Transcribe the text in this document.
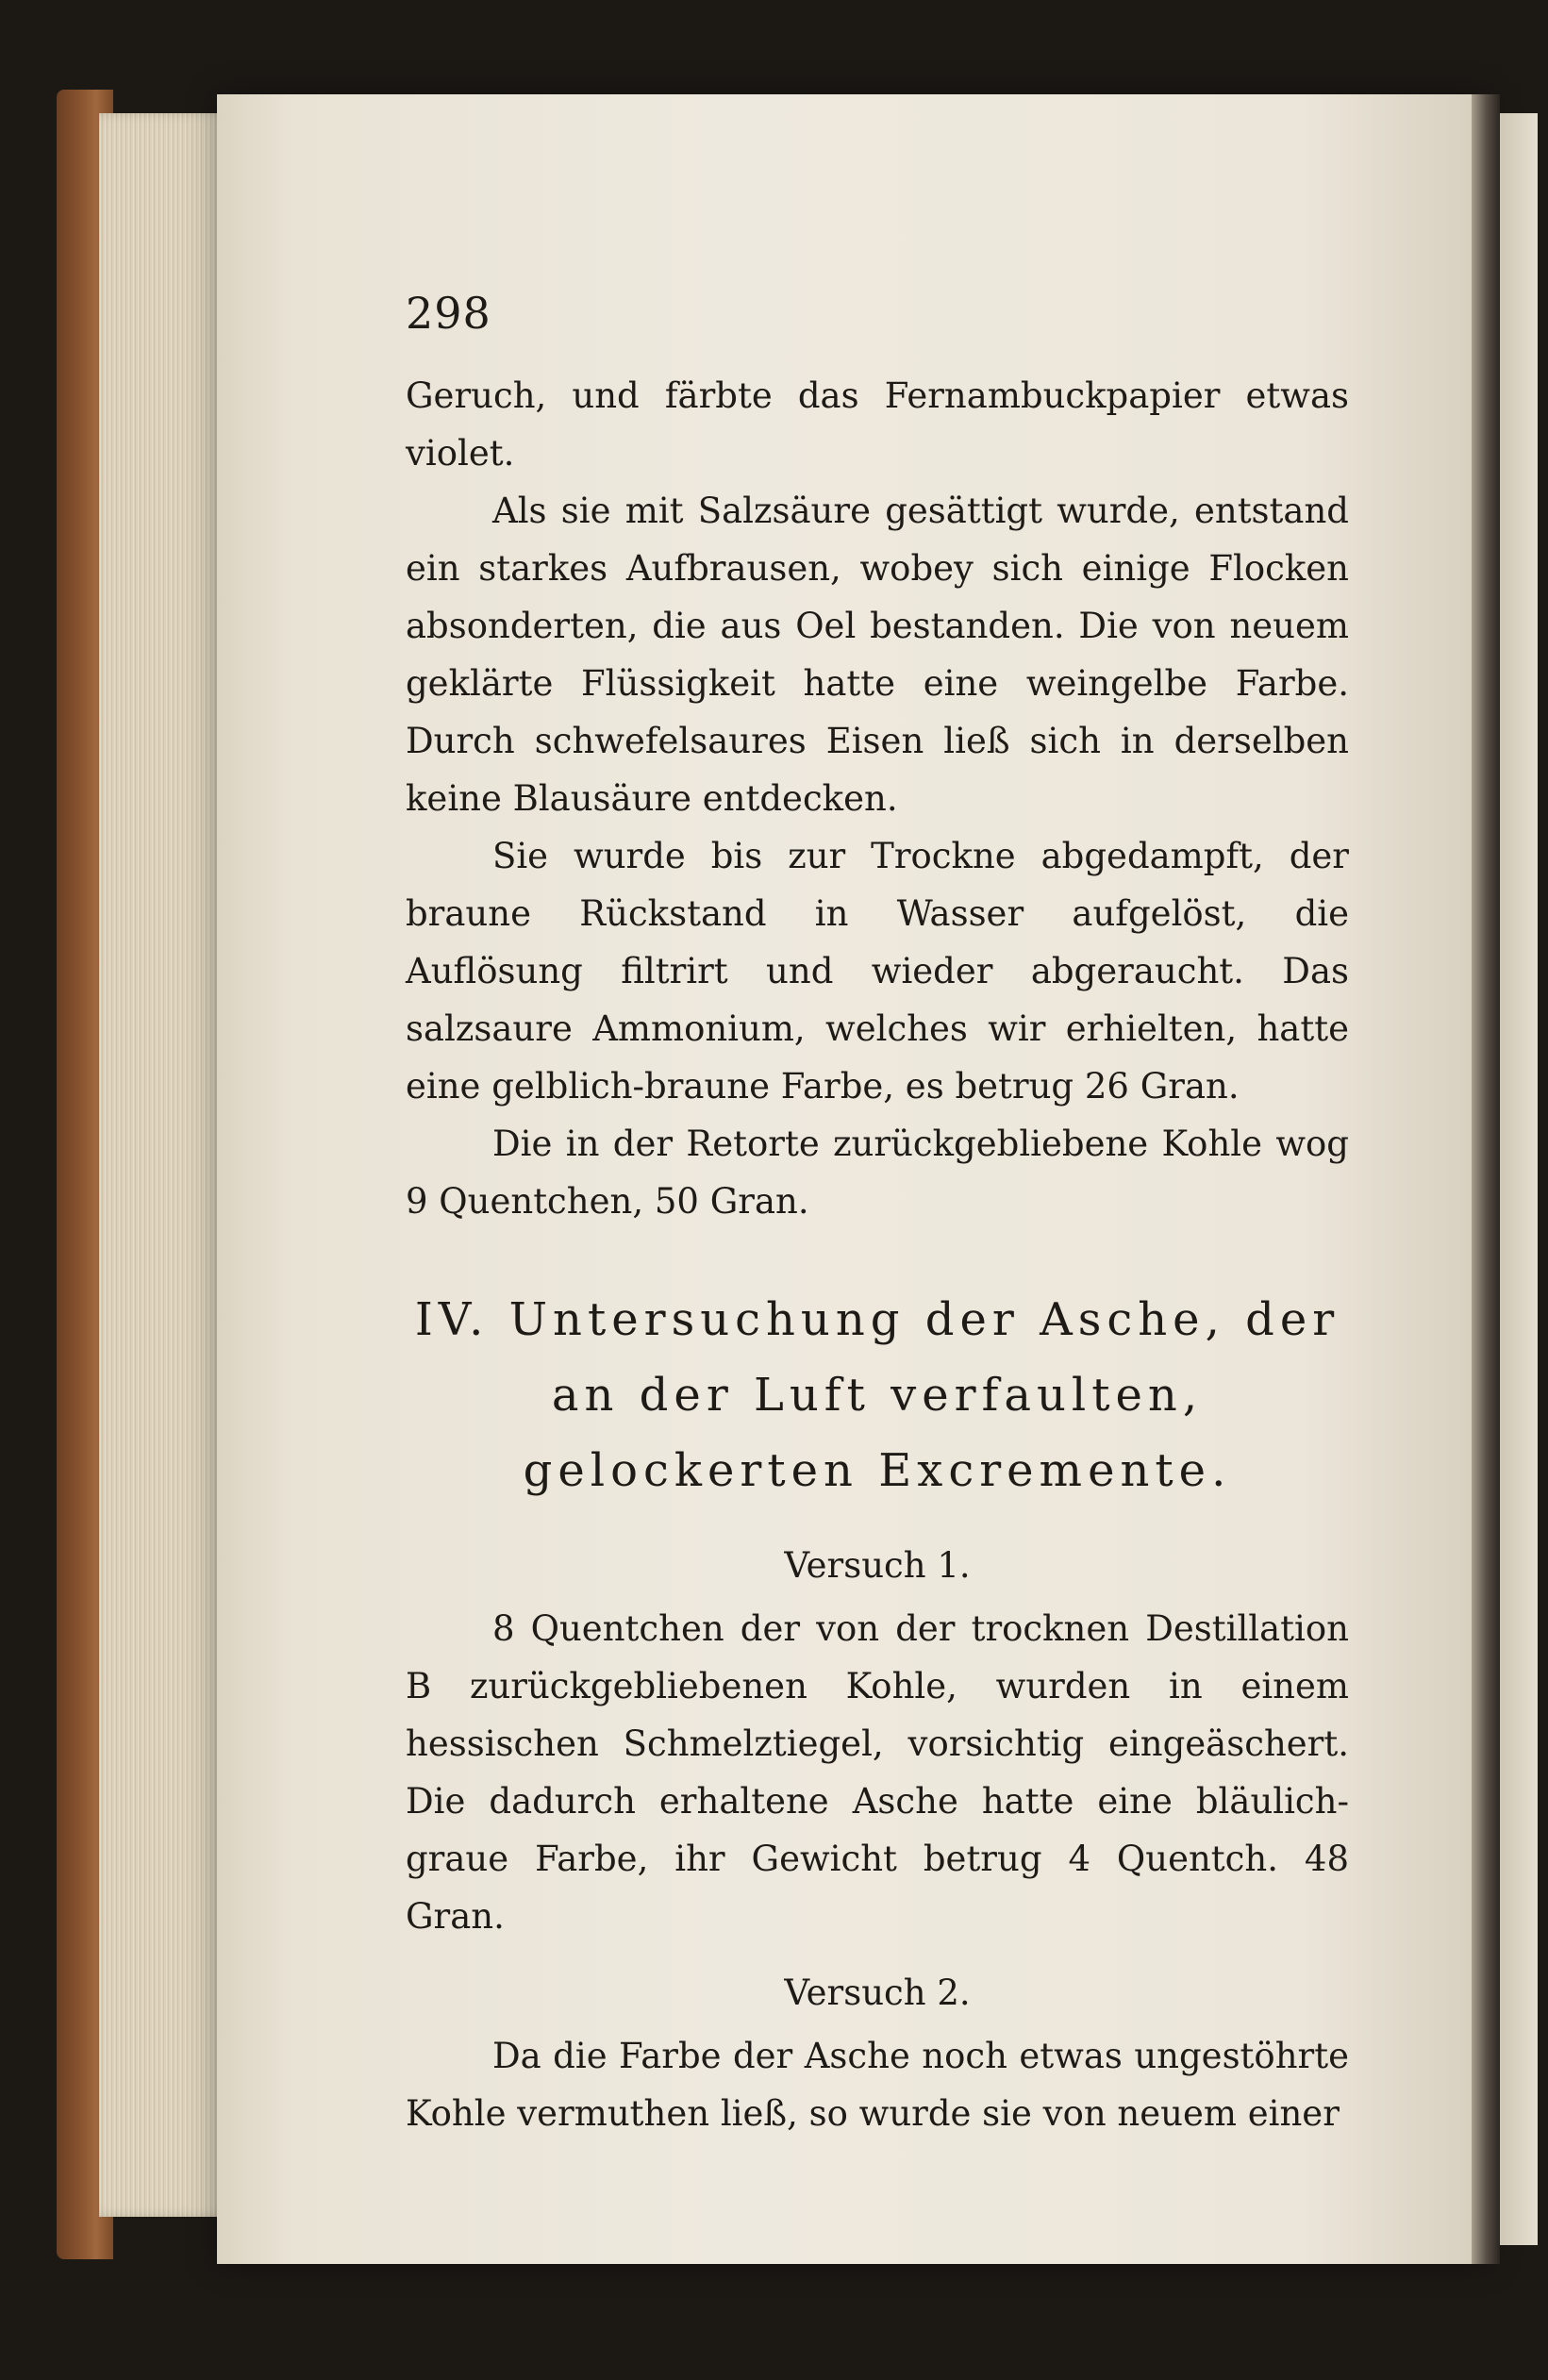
298

Geruch, und färbte das Fernambuckpapier etwas violet.

Als sie mit Salzsäure gesättigt wurde, entstand ein starkes Aufbrausen, wobey sich einige Flocken absonderten, die aus Oel bestanden. Die von neuem geklärte Flüssigkeit hatte eine weingelbe Farbe. Durch schwefelsaures Eisen ließ sich in derselben keine Blausäure entdecken.

Sie wurde bis zur Trockne abgedampft, der braune Rückstand in Wasser aufgelöst, die Auflösung filtrirt und wieder abgeraucht. Das salzsaure Ammonium, welches wir erhielten, hatte eine gelblich-braune Farbe, es betrug 26 Gran.

Die in der Retorte zurückgebliebene Kohle wog 9 Quentchen, 50 Gran.

IV. Untersuchung der Asche, der an der Luft verfaulten, gelockerten Excremente.
Versuch 1.

8 Quentchen der von der trocknen Destillation B zurückgebliebenen Kohle, wurden in einem hessischen Schmelztiegel, vorsichtig eingeäschert. Die dadurch erhaltene Asche hatte eine bläulich-graue Farbe, ihr Gewicht betrug 4 Quentch. 48 Gran.

Versuch 2.

Da die Farbe der Asche noch etwas ungestöhrte Kohle vermuthen ließ, so wurde sie von neuem einer
